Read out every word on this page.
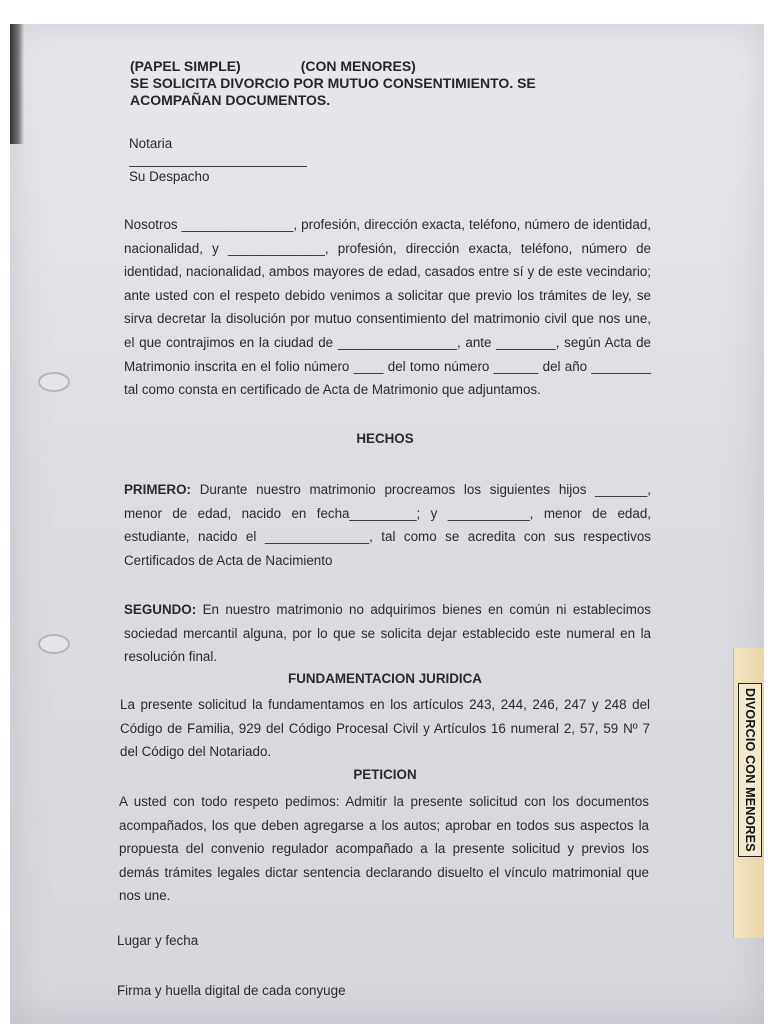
DIVORCIO CON MENORES
(PAPEL SIMPLE)	(CON MENORES)
SE SOLICITA DIVORCIO POR MUTUO CONSENTIMIENTO. SE ACOMPAÑAN DOCUMENTOS.
Notaria
Su Despacho
Nosotros _______________, profesión, dirección exacta, teléfono, número de identidad, nacionalidad, y _____________, profesión, dirección exacta, teléfono, número de identidad, nacionalidad, ambos mayores de edad, casados entre sí y de este vecindario; ante usted con el respeto debido venimos a solicitar que previo los trámites de ley, se sirva decretar la disolución por mutuo consentimiento del matrimonio civil que nos une, el que contrajimos en la ciudad de ________________, ante ________, según Acta de Matrimonio inscrita en el folio número ____ del tomo número ______ del año ________ tal como consta en certificado de Acta de Matrimonio que adjuntamos.
HECHOS
PRIMERO: Durante nuestro matrimonio procreamos los siguientes hijos _______, menor de edad, nacido en fecha_________; y ___________, menor de edad, estudiante, nacido el ______________, tal como se acredita con sus respectivos Certificados de Acta de Nacimiento
SEGUNDO: En nuestro matrimonio no adquirimos bienes en común ni establecimos sociedad mercantil alguna, por lo que se solicita dejar establecido este numeral en la resolución final.
FUNDAMENTACION JURIDICA
La presente solicitud la fundamentamos en los artículos 243, 244, 246, 247 y 248 del Código de Familia, 929 del Código Procesal Civil y Artículos 16 numeral 2, 57, 59 Nº 7 del Código del Notariado.
PETICION
A usted con todo respeto pedimos: Admitir la presente solicitud con los documentos acompañados, los que deben agregarse a los autos; aprobar en todos sus aspectos la propuesta del convenio regulador acompañado a la presente solicitud y previos los demás trámites legales dictar sentencia declarando disuelto el vínculo matrimonial que nos une.
Lugar y fecha
Firma y huella digital de cada conyuge
